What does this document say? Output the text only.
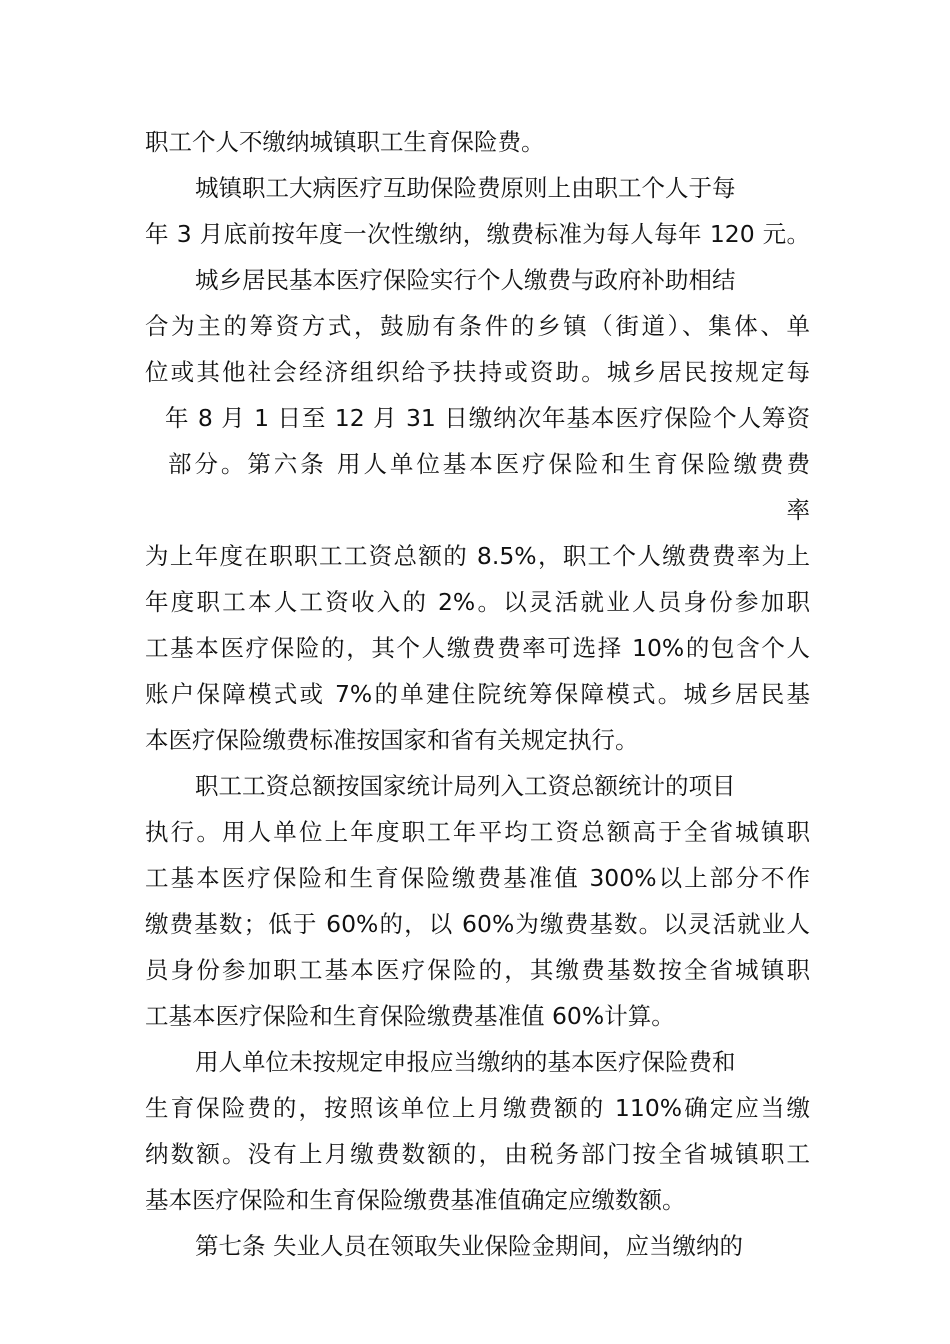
职工个人不缴纳城镇职工生育保险费。
城镇职工大病医疗互助保险费原则上由职工个人于每
年 3 月底前按年度一次性缴纳，缴费标准为每人每年 120 元。
城乡居民基本医疗保险实行个人缴费与政府补助相结
合为主的筹资方式，鼓励有条件的乡镇（街道）、集体、单
位或其他社会经济组织给予扶持或资助。城乡居民按规定每
年 8 月 1 日至 12 月 31 日缴纳次年基本医疗保险个人筹资
部分。第六条 用人单位基本医疗保险和生育保险缴费费
率
为上年度在职职工工资总额的 8.5%，职工个人缴费费率为上
年度职工本人工资收入的 2%。以灵活就业人员身份参加职
工基本医疗保险的，其个人缴费费率可选择 10%的包含个人
账户保障模式或 7%的单建住院统筹保障模式。城乡居民基
本医疗保险缴费标准按国家和省有关规定执行。
职工工资总额按国家统计局列入工资总额统计的项目
执行。用人单位上年度职工年平均工资总额高于全省城镇职
工基本医疗保险和生育保险缴费基准值 300%以上部分不作
缴费基数；低于 60%的，以 60%为缴费基数。以灵活就业人
员身份参加职工基本医疗保险的，其缴费基数按全省城镇职
工基本医疗保险和生育保险缴费基准值 60%计算。
用人单位未按规定申报应当缴纳的基本医疗保险费和
生育保险费的，按照该单位上月缴费额的 110%确定应当缴
纳数额。没有上月缴费数额的，由税务部门按全省城镇职工
基本医疗保险和生育保险缴费基准值确定应缴数额。
第七条 失业人员在领取失业保险金期间，应当缴纳的
